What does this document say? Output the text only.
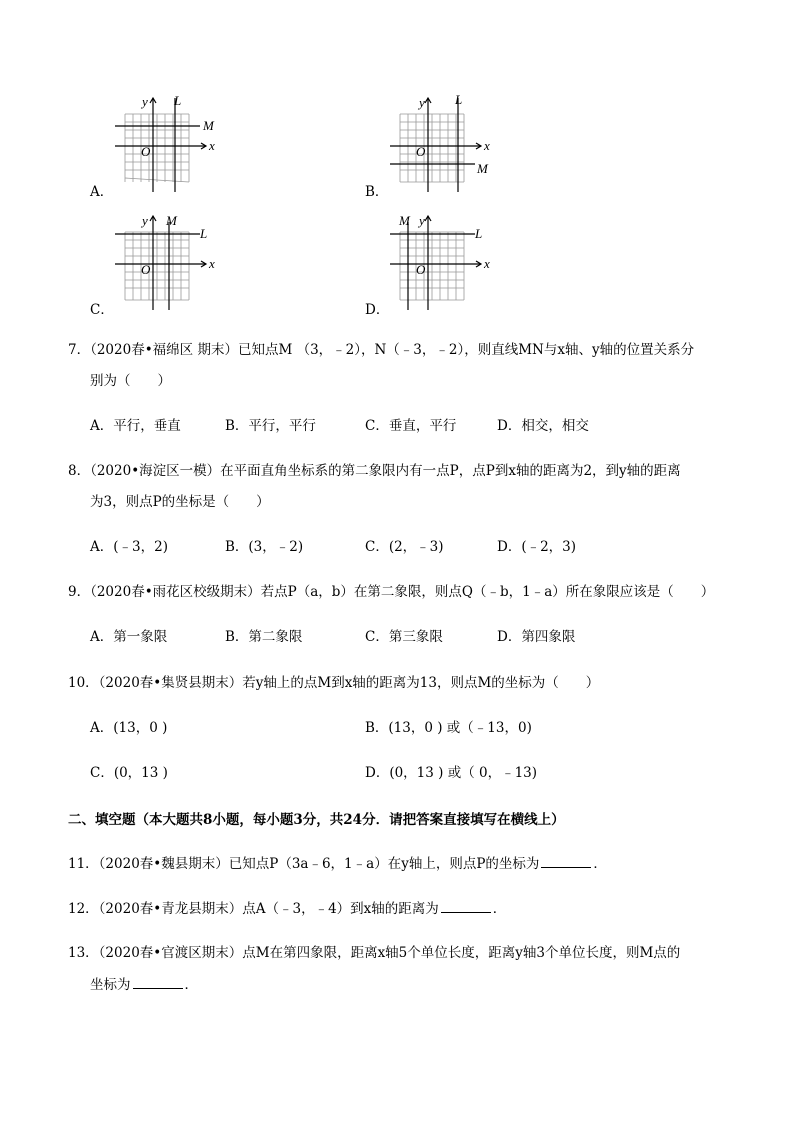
A．
y L
M
x
O
B．
y L
M
x
O
C．
y M
L
x
O
D．
M y
L
x
O
7．（2020春•福绵区 期末）已知点M （3，﹣2），N（﹣3，﹣2），则直线MN与x轴、y轴的位置关系分
别为（　　）
A．平行，垂直	B．平行，平行	C．垂直，平行	D．相交，相交
8．（2020•海淀区一模）在平面直角坐标系的第二象限内有一点P，点P到x轴的距离为2，到y轴的距离
为3，则点P的坐标是（　　）
A．(﹣3，2)	B．(3，﹣2)	C．(2，﹣3)	D．(﹣2，3)
9．（2020春•雨花区校级期末）若点P（a，b）在第二象限，则点Q（﹣b，1﹣a）所在象限应该是（　　）
A．第一象限	B．第二象限	C．第三象限	D．第四象限
10．（2020春•集贤县期末）若y轴上的点M到x轴的距离为13，则点M的坐标为（　　）
A．(13，0 )	B．(13，0 ) 或（﹣13，0)
C．(0，13 )	D．(0，13 ) 或（ 0，﹣13)
二、填空题（本大题共8小题，每小题3分，共24分．请把答案直接填写在横线上）
11．（2020春•魏县期末）已知点P（3a﹣6，1﹣a）在y轴上，则点P的坐标为	．
12．（2020春•青龙县期末）点A（﹣3，﹣4）到x轴的距离为	．
13．（2020春•官渡区期末）点M在第四象限，距离x轴5个单位长度，距离y轴3个单位长度，则M点的
坐标为	．
